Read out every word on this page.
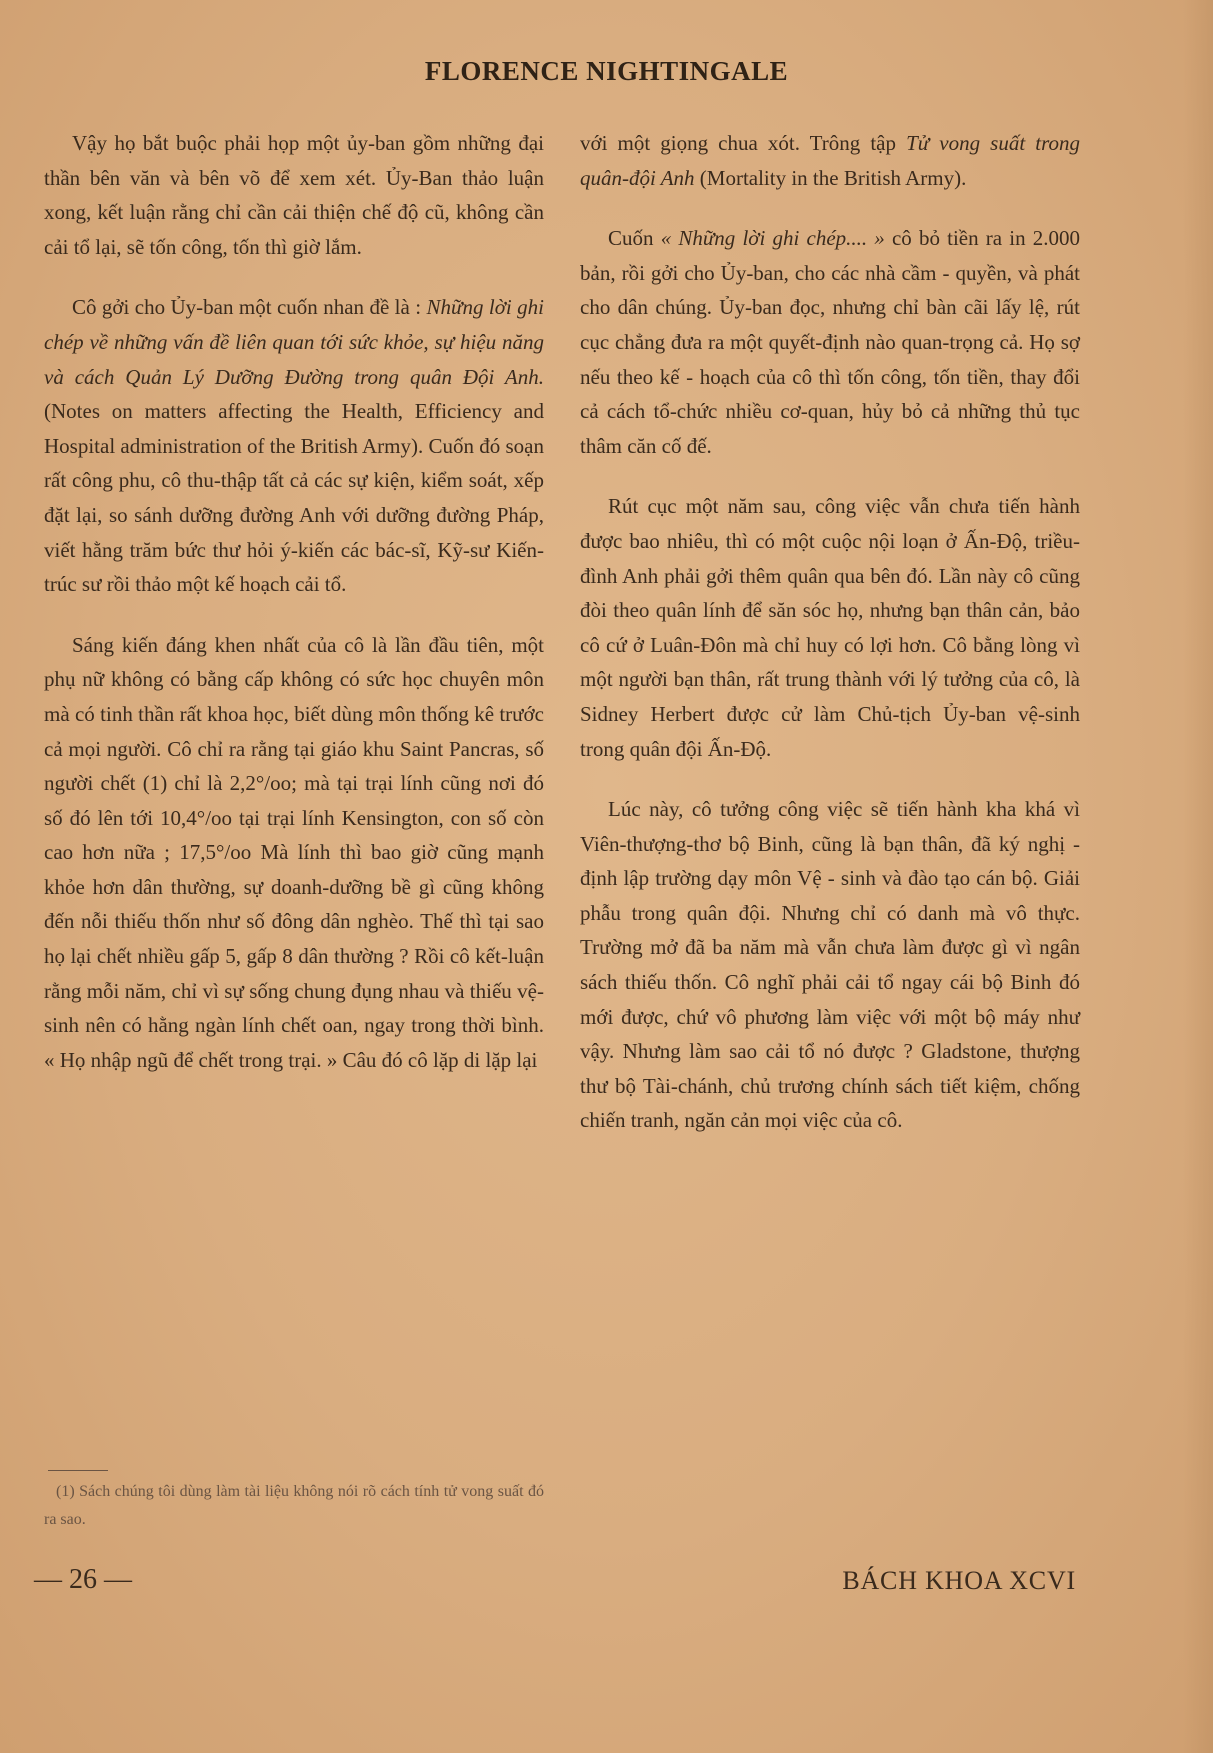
FLORENCE NIGHTINGALE

Vậy họ bắt buộc phải họp một ủy-ban gồm những đại thần bên văn và bên võ để xem xét. Ủy-Ban thảo luận xong, kết luận rằng chỉ cần cải thiện chế độ cũ, không cần cải tổ lại, sẽ tốn công, tốn thì giờ lắm.

Cô gởi cho Ủy-ban một cuốn nhan đề là : Những lời ghi chép về những vấn đề liên quan tới sức khỏe, sự hiệu năng và cách Quản Lý Dưỡng Đường trong quân Đội Anh. (Notes on matters affecting the Health, Efficiency and Hospital administration of the British Army). Cuốn đó soạn rất công phu, cô thu-thập tất cả các sự kiện, kiểm soát, xếp đặt lại, so sánh dưỡng đường Anh với dưỡng đường Pháp, viết hằng trăm bức thư hỏi ý-kiến các bác-sĩ, Kỹ-sư Kiến-trúc sư rồi thảo một kế hoạch cải tổ.

Sáng kiến đáng khen nhất của cô là lần đầu tiên, một phụ nữ không có bằng cấp không có sức học chuyên môn mà có tinh thần rất khoa học, biết dùng môn thống kê trước cả mọi người. Cô chỉ ra rằng tại giáo khu Saint Pancras, số người chết (1) chỉ là 2,2°/oo; mà tại trại lính cũng nơi đó số đó lên tới 10,4°/oo tại trại lính Kensington, con số còn cao hơn nữa ; 17,5°/oo Mà lính thì bao giờ cũng mạnh khỏe hơn dân thường, sự doanh-dưỡng bề gì cũng không đến nỗi thiếu thốn như số đông dân nghèo. Thế thì tại sao họ lại chết nhiều gấp 5, gấp 8 dân thường ? Rồi cô kết-luận rằng mỗi năm, chỉ vì sự sống chung đụng nhau và thiếu vệ-sinh nên có hằng ngàn lính chết oan, ngay trong thời bình. « Họ nhập ngũ để chết trong trại. » Câu đó cô lặp di lặp lại

với một giọng chua xót. Trông tập Tử vong suất trong quân-đội Anh (Mortality in the British Army).

Cuốn « Những lời ghi chép.... » cô bỏ tiền ra in 2.000 bản, rồi gởi cho Ủy-ban, cho các nhà cầm - quyền, và phát cho dân chúng. Ủy-ban đọc, nhưng chỉ bàn cãi lấy lệ, rút cục chẳng đưa ra một quyết-định nào quan-trọng cả. Họ sợ nếu theo kế - hoạch của cô thì tốn công, tốn tiền, thay đổi cả cách tổ-chức nhiều cơ-quan, hủy bỏ cả những thủ tục thâm căn cố đế.

Rút cục một năm sau, công việc vẫn chưa tiến hành được bao nhiêu, thì có một cuộc nội loạn ở Ấn-Độ, triều-đình Anh phải gởi thêm quân qua bên đó. Lần này cô cũng đòi theo quân lính để săn sóc họ, nhưng bạn thân cản, bảo cô cứ ở Luân-Đôn mà chỉ huy có lợi hơn. Cô bằng lòng vì một người bạn thân, rất trung thành với lý tưởng của cô, là Sidney Herbert được cử làm Chủ-tịch Ủy-ban vệ-sinh trong quân đội Ấn-Độ.

Lúc này, cô tưởng công việc sẽ tiến hành kha khá vì Viên-thượng-thơ bộ Binh, cũng là bạn thân, đã ký nghị - định lập trường dạy môn Vệ - sinh và đào tạo cán bộ. Giải phẫu trong quân đội. Nhưng chỉ có danh mà vô thực. Trường mở đã ba năm mà vẫn chưa làm được gì vì ngân sách thiếu thốn. Cô nghĩ phải cải tổ ngay cái bộ Binh đó mới được, chứ vô phương làm việc với một bộ máy như vậy. Nhưng làm sao cải tổ nó được ? Gladstone, thượng thư bộ Tài-chánh, chủ trương chính sách tiết kiệm, chống chiến tranh, ngăn cản mọi việc của cô.

(1) Sách chúng tôi dùng làm tài liệu không nói rõ cách tính tử vong suất đó ra sao.

— 26 —	BÁCH KHOA XCVI
